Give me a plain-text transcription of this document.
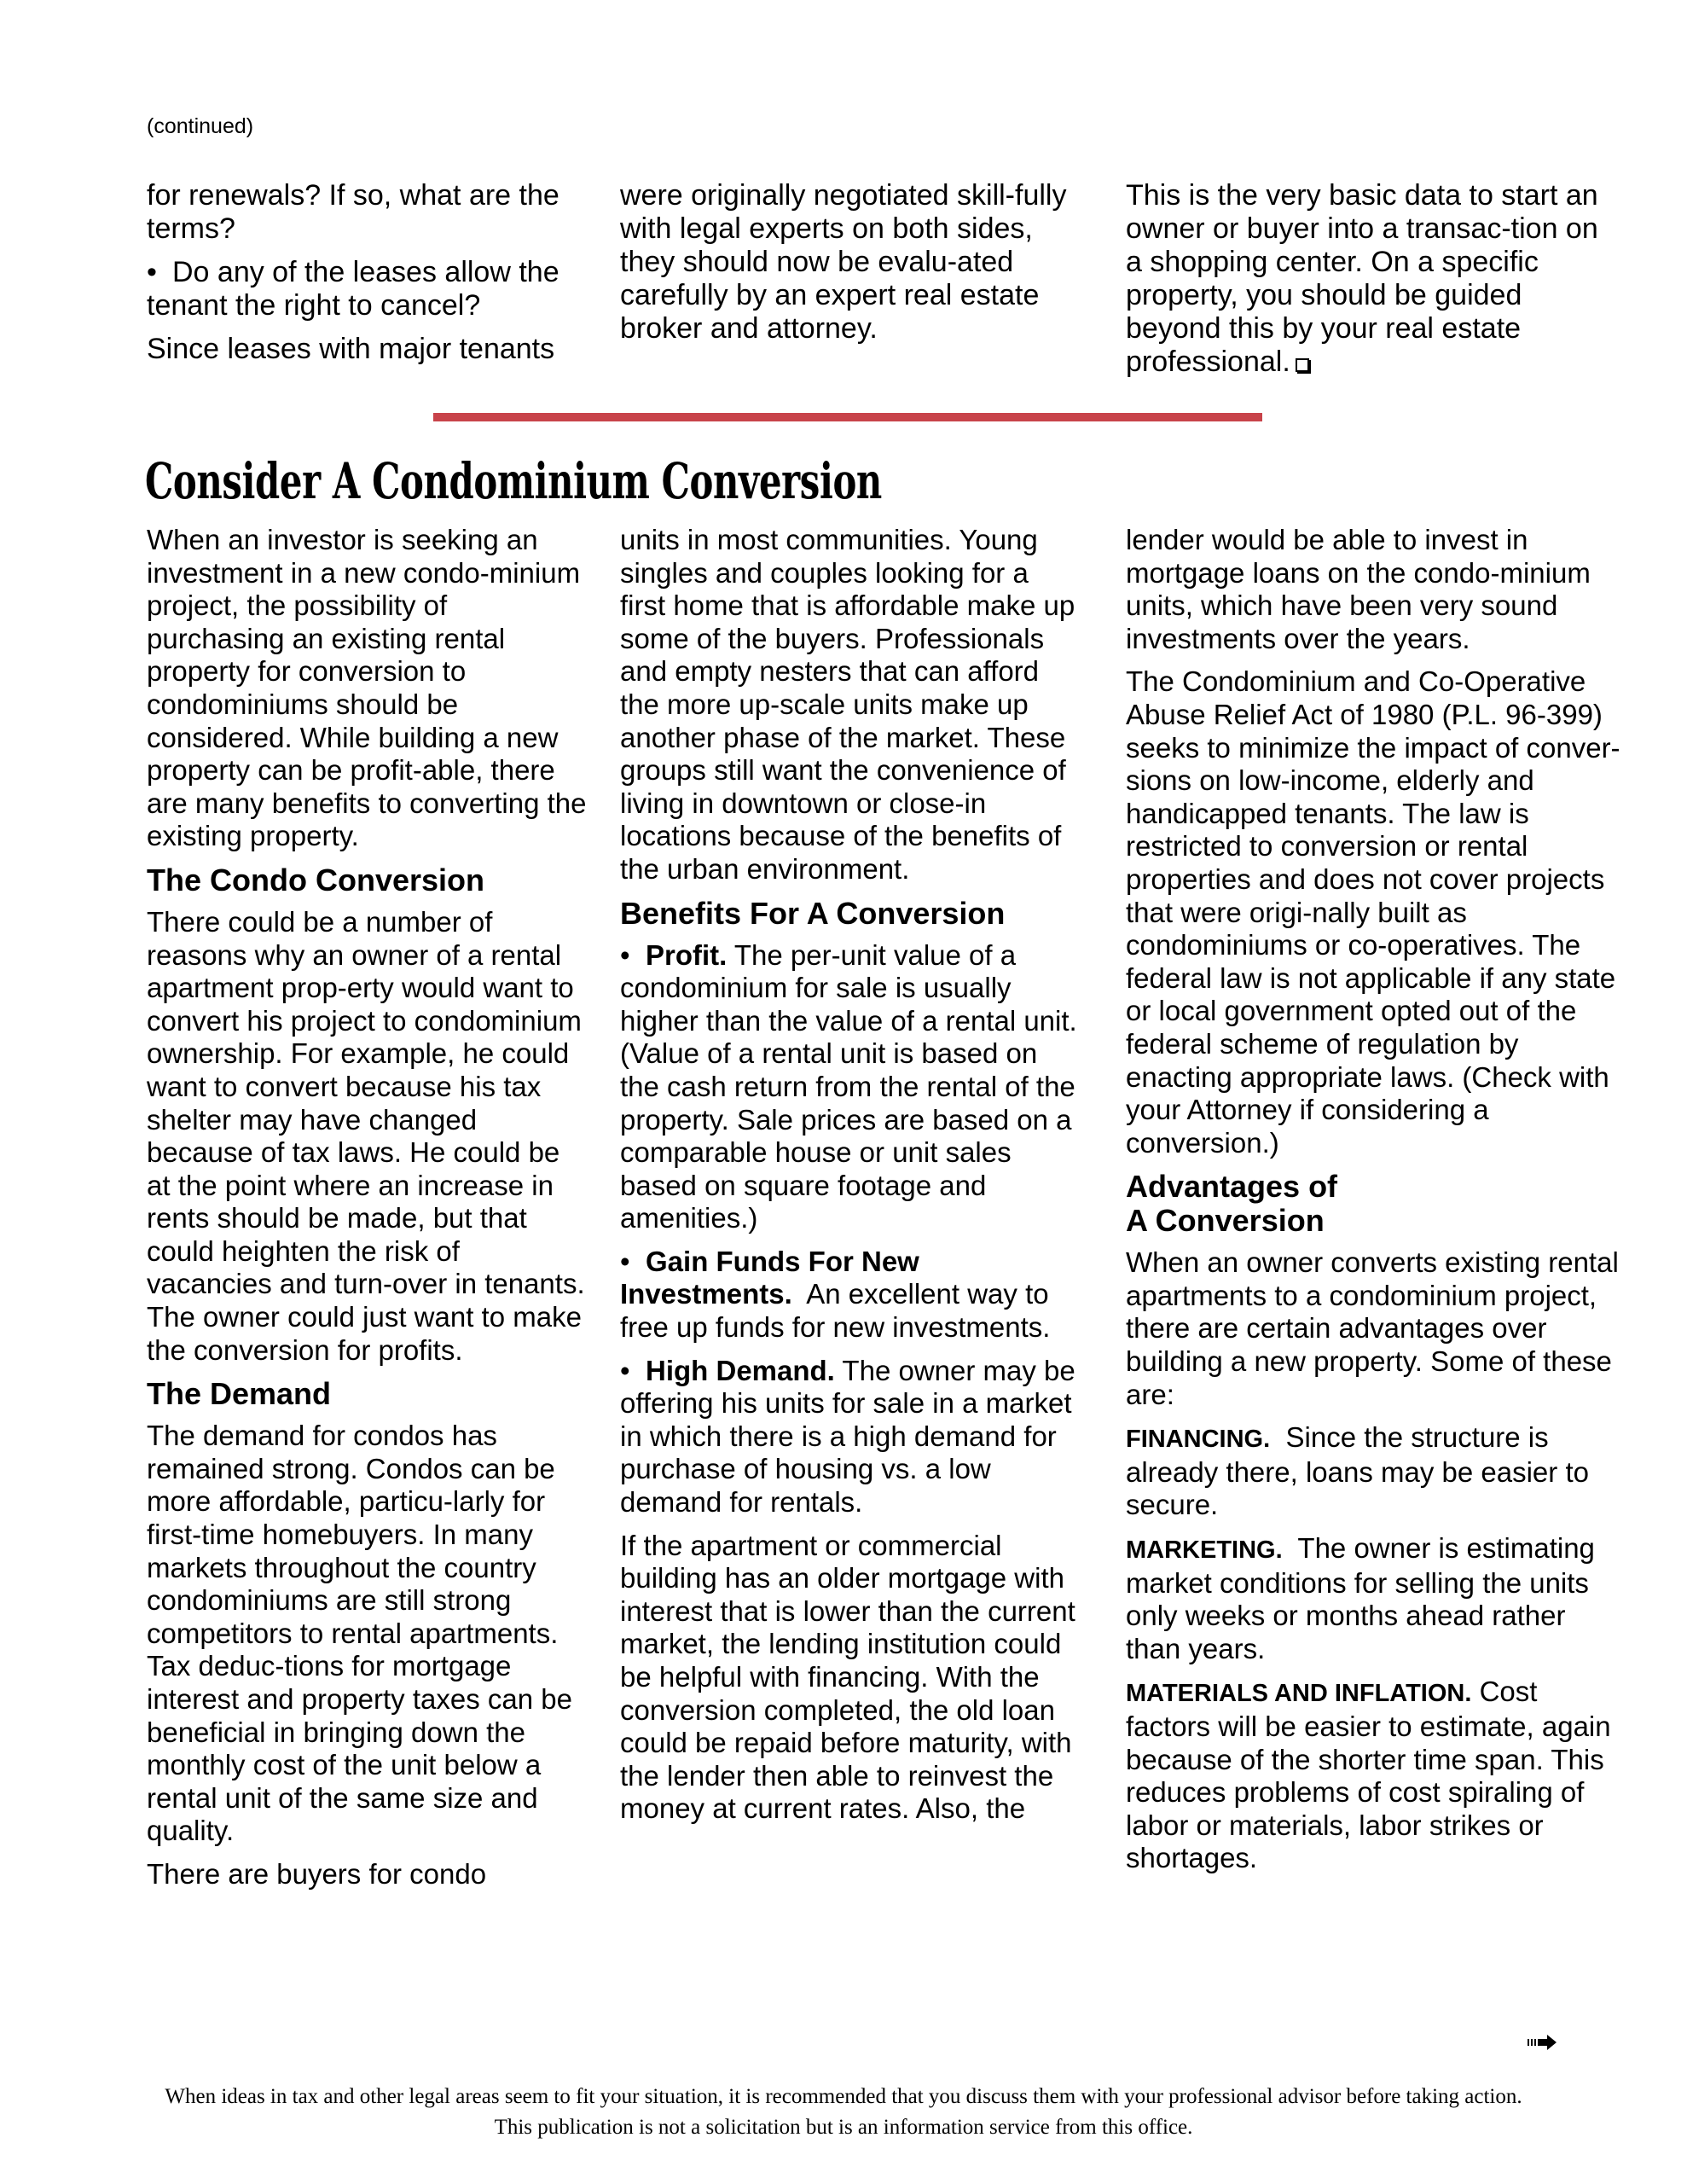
(continued)

for renewals? If so, what are the terms?

• Do any of the leases allow the tenant the right to cancel?

Since leases with major tenants

were originally negotiated skill-fully with legal experts on both sides, they should now be evalu-ated carefully by an expert real estate broker and attorney.

This is the very basic data to start an owner or buyer into a transac-tion on a shopping center. On a specific property, you should be guided beyond this by your real estate professional.

Consider A Condominium Conversion

When an investor is seeking an investment in a new condo-minium project, the possibility of purchasing an existing rental property for conversion to condominiums should be considered. While building a new property can be profit-able, there are many benefits to converting the existing property.

The Condo Conversion

There could be a number of reasons why an owner of a rental apartment prop-erty would want to convert his project to condominium ownership. For example, he could want to convert because his tax shelter may have changed because of tax laws. He could be at the point where an increase in rents should be made, but that could heighten the risk of vacancies and turn-over in tenants. The owner could just want to make the conversion for profits.

The Demand

The demand for condos has remained strong. Condos can be more affordable, particu-larly for first-time homebuyers. In many markets throughout the country condominiums are still strong competitors to rental apartments. Tax deduc-tions for mortgage interest and property taxes can be beneficial in bringing down the monthly cost of the unit below a rental unit of the same size and quality.

There are buyers for condo

units in most communities. Young singles and couples looking for a first home that is affordable make up some of the buyers. Professionals and empty nesters that can afford the more up-scale units make up another phase of the market. These groups still want the convenience of living in downtown or close-in locations because of the benefits of the urban environment.

Benefits For A Conversion

• Profit. The per-unit value of a condominium for sale is usually higher than the value of a rental unit. (Value of a rental unit is based on the cash return from the rental of the property. Sale prices are based on a comparable house or unit sales based on square footage and amenities.)

• Gain Funds For New Investments.  An excellent way to free up funds for new investments.

• High Demand. The owner may be offering his units for sale in a market in which there is a high demand for purchase of housing vs. a low demand for rentals.

If the apartment or commercial building has an older mortgage with interest that is lower than the current market, the lending institution could be helpful with financing. With the conversion completed, the old loan could be repaid before maturity, with the lender then able to reinvest the money at current rates. Also, the

lender would be able to invest in mortgage loans on the condo-minium units, which have been very sound investments over the years.

The Condominium and Co-Operative Abuse Relief Act of 1980 (P.L. 96-399) seeks to minimize the impact of conver-sions on low-income, elderly and handicapped tenants. The law is restricted to conversion or rental properties and does not cover projects that were origi-nally built as condominiums or co-operatives. The federal law is not applicable if any state or local government opted out of the federal scheme of regulation by enacting appropriate laws. (Check with your Attorney if considering a conversion.)

Advantages of
A Conversion

When an owner converts existing rental apartments to a condominium project, there are certain advantages over building a new property. Some of these are:

FINANCING.  Since the structure is already there, loans may be easier to secure.

MARKETING.  The owner is estimating market conditions for selling the units only weeks or months ahead rather than years.

MATERIALS AND INFLATION. Cost factors will be easier to estimate, again because of the shorter time span. This reduces problems of cost spiraling of labor or materials, labor strikes or shortages.

When ideas in tax and other legal areas seem to fit your situation, it is recommended that you discuss them with your professional advisor before taking action.
This publication is not a solicitation but is an information service from this office.
